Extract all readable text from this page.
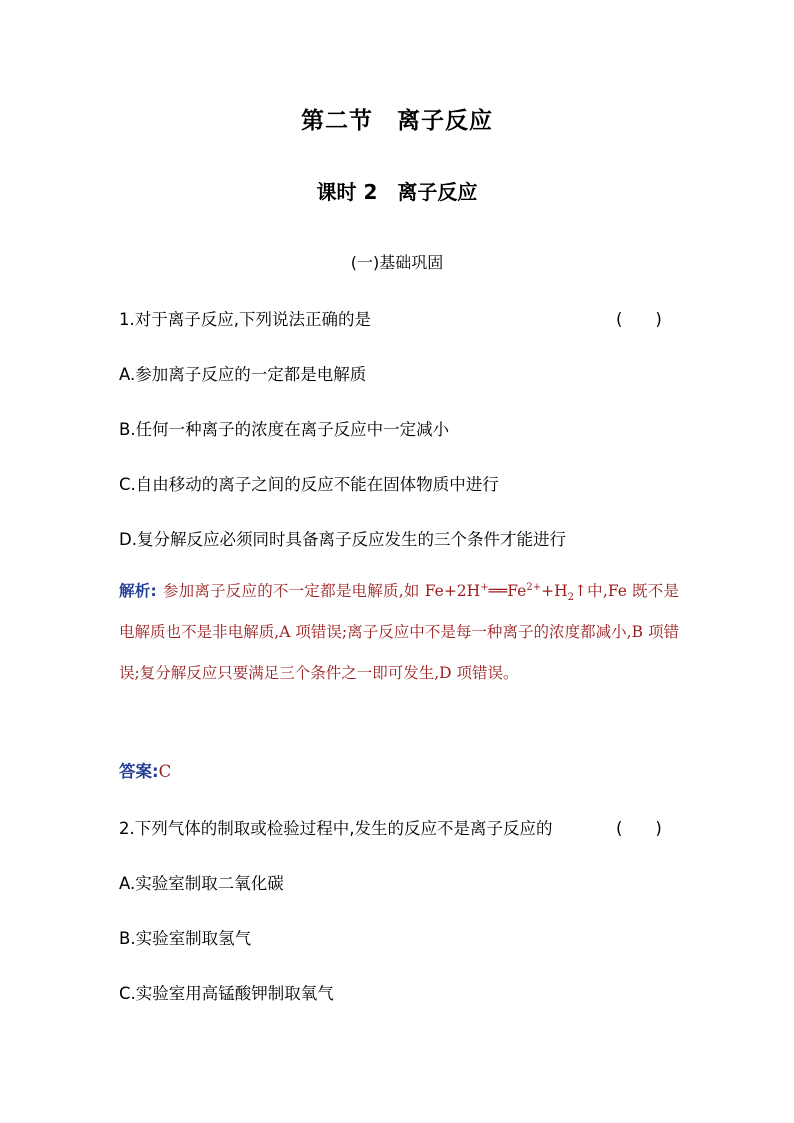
第二节　离子反应
课时 2　离子反应
(一)基础巩固
1.对于离子反应,下列说法正确的是	(　　)
A.参加离子反应的一定都是电解质
B.任何一种离子的浓度在离子反应中一定减小
C.自由移动的离子之间的反应不能在固体物质中进行
D.复分解反应必须同时具备离子反应发生的三个条件才能进行
解析: 参加离子反应的不一定都是电解质,如 $Fe+2H^+══Fe^{2+}+H_2↑$中,Fe 既不是电解质也不是非电解质,A 项错误;离子反应中不是每一种离子的浓度都减小,B 项错误;复分解反应只要满足三个条件之一即可发生,D 项错误。
答案:C
2.下列气体的制取或检验过程中,发生的反应不是离子反应的	(　　)
A.实验室制取二氧化碳
B.实验室制取氢气
C.实验室用高锰酸钾制取氧气
